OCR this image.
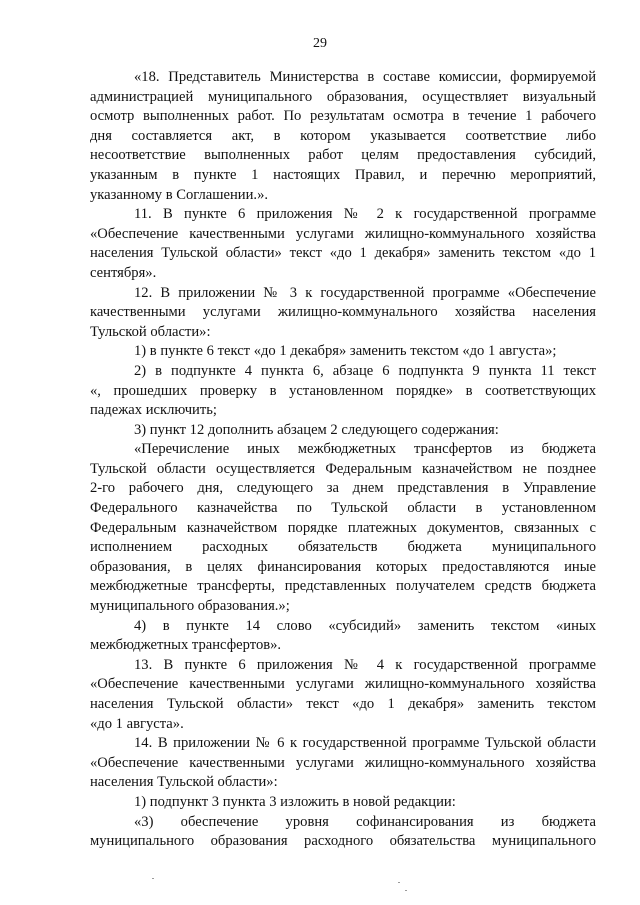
29
«18. Представитель Министерства в составе комиссии, формируемой
администрацией муниципального образования, осуществляет визуальный
осмотр выполненных работ. По результатам осмотра в течение 1 рабочего
дня составляется акт, в котором указывается соответствие либо
несоответствие выполненных работ целям предоставления субсидий,
указанным в пункте 1 настоящих Правил, и перечню мероприятий,
указанному в Соглашении.».
11. В пункте 6 приложения № 2 к государственной программе
«Обеспечение качественными услугами жилищно-коммунального хозяйства
населения Тульской области» текст «до 1 декабря» заменить текстом «до 1
сентября».
12. В приложении № 3 к государственной программе «Обеспечение
качественными услугами жилищно-коммунального хозяйства населения
Тульской области»:
1) в пункте 6 текст «до 1 декабря» заменить текстом «до 1 августа»;
2) в подпункте 4 пункта 6, абзаце 6 подпункта 9 пункта 11 текст
«, прошедших проверку в установленном порядке» в соответствующих
падежах исключить;
3) пункт 12 дополнить абзацем 2 следующего содержания:
«Перечисление иных межбюджетных трансфертов из бюджета
Тульской области осуществляется Федеральным казначейством не позднее
2-го рабочего дня, следующего за днем представления в Управление
Федерального казначейства по Тульской области в установленном
Федеральным казначейством порядке платежных документов, связанных с
исполнением расходных обязательств бюджета муниципального
образования, в целях финансирования которых предоставляются иные
межбюджетные трансферты, представленных получателем средств бюджета
муниципального образования.»;
4) в пункте 14 слово «субсидий» заменить текстом «иных
межбюджетных трансфертов».
13. В пункте 6 приложения № 4 к государственной программе
«Обеспечение качественными услугами жилищно-коммунального хозяйства
населения Тульской области» текст «до 1 декабря» заменить текстом
«до 1 августа».
14. В приложении № 6 к государственной программе Тульской области
«Обеспечение качественными услугами жилищно-коммунального хозяйства
населения Тульской области»:
1) подпункт 3 пункта 3 изложить в новой редакции:
«3) обеспечение уровня софинансирования из бюджета
муниципального образования расходного обязательства муниципального
